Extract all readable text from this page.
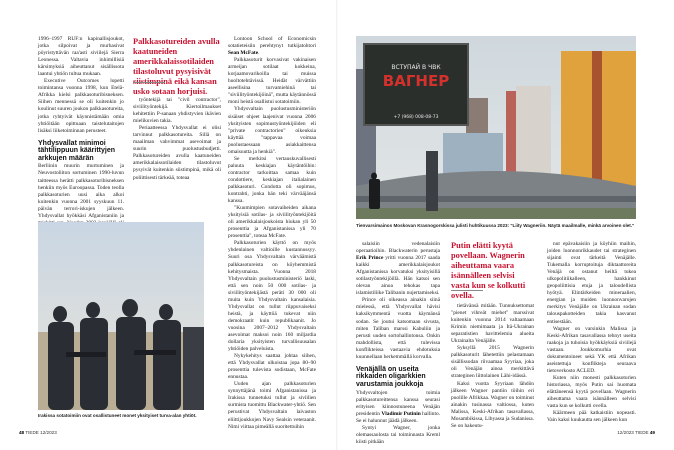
1996–1997 RUF:n kapinallisjoukot, jotka silpoivat ja murhasivat pöyristyttävän raa'asti siviilejä Sierra Leonessa. Valtavia inhimillisiä kärsimyksiä aiheuttanut sisällissota laantui yhtiön tultua mukaan.

Executive Outcomes lopetti toimintansa vuonna 1998, kun Etelä-Afrikka kielsi palkkasoturibisneksen. Siihen mennessä se oli kuitenkin jo koulinut suuren joukon palkkasotureita, jotka ryhtyivät käynnistämään omia yhtiöitään opittuaan taistelutaitojen lisäksi liiketoiminnan perusteet.

Yhdysvallat minimoi tähtilippuun käärittyjen arkkujen määrän

Berliinin muurin murtuminen ja Neuvostoliiton sortuminen 1990-luvun taitteessa herätti palkkasoturibisneksen henkiin myös Euroopassa. Toden teolla palkkasoturien uusi aika alkoi kuitenkin vuonna 2001 syyskuun 11. päivän terrori-iskujen jälkeen. Yhdysvallat hyökkäsi Afganistaniin ja

Palkkasotureiden avulla kaatuneiden amerikkalaissotilaiden tilastoluvut pysyisivät siistimpinä eikä kansan usko sotaan horjuisi.

työntekijä tai "civil contractor", siviilityöntekijä. Kiertoilmaukset kehitettiin P-sanaan yhdistyvien ikävien mielikuvien takia.

Periaatteessa Yhdysvallat ei olisi tarvinnut palkkasotureita. Sillä on maailman vahvimmat asevoimat ja suurin puolustusbudjetti. Palkkasotureiden avulla kaatuneiden amerikkalaissotilaiden tilastoluvut pysyivät kuitenkin siistimpinä, mikä oli poliittisesti tärkeää, toteaa

Lontoon School of Economicsin sotatieteisiin perehtynyt tutkijatohtori Sean McFate.

Palkkasoturit korvasivat vakinaisen armeijan sotilaat kokkeina, korjaamovarikoilla tai muissa huoltotehtävissä. Heidät värvättiin aseellisina turvamiehinä tai "siviilityöntekijöinä", mutta käytännössä moni heistä osallistui sotatoimiin.

Yhdysvaltain puolustusministeriön sisäiset ohjeet laajenivat vuonna 2006 yksityisten sopimustyöntekijöiden eli "private contractorien" oikeuksia käyttää "tappavaa voimaa puolustaessaan asiakkaittensa omaisuutta ja henkiä".

Se merkitsi vertauskuvallisesti paluuta keskiajan käytäntöihin: contractor tarkoittaa samaa kuin condottiere, keskiajan italialainen palkkasoturi. Condotta oli sopimus, kontrahti, jonka hän teki värvääjänsä kanssa.

"Kuumimpien sotavaiheiden aikana yksityisiä sotilas- ja siviilityöntekijöitä oli amerikkalaisjoukoista hiukan yli 50 prosenttia ja Afganistanissa yli 70 prosenttia", toteaa McFate.

Palkkasoturien käyttö on myös yhdenlainen valtioille kustannussyy. Suuri osa Yhdysvaltain värväämistä palkkasotureista on köyhemmistä kehitysmaista. Vuonna 2018 Yhdysvaltain puolustusministeriö laski, että sen noin 50 000 sotilas- ja siviilityöntekijästä peräti 30 000 oli muita kuin Yhdysvaltain kansalaisia. Yhdysvallat on tullut riippuvaiseksi heistä, ja käyttöä tukevat niin demokraatit kuin republikaanit. Jo vuosina 2007–2012 Yhdysvaltain asevoimat maksoi noin 160 miljardia dollaria yksityisten turvallisuusalan yhtiöiden palveluista.

Nykykehitys saattaa johtaa siihen, että Yhdysvallat ulkoistaa jopa 80–90 prosenttia tulevista sodistaan, McFate ennustaa.

Uuden ajan palkkasoturien synnyttäjänä toimi Afganistanissa ja Irakissa tunnetuksi tullut ja siviilien surmista tuomittu Blackwater-yhtiö. Sen perustivat Yhdysvaltain laivaston eliittijoukkojen Navy Sealsin veteraanit. Nimi viittaa pimeällä suoritettuihin

Irakissa sotatoimiin ovat osallistuneet monet yksityiset turva-alan yhtiöt.
48 TIEDE 12/2023
ВСТУПАЙ В ЧВК
ВАГНЕР
+7 (968) 008-08-73
Tienvarsimainos Moskovan Krasnogorskissa julisti huhtikuussa 2023: "Liity Wagneriin. Näytä maailmalle, minkä arvoinen olet."

salaisiin vedenalaisiin operaatioihin. Blackwaterin perustaja Erik Prince yritti vuonna 2017 saada kaikki amerikkalaisjoukot Afganistanissa korvatuksi yksityisillä sotilastyöntekijöillä. Hän katsoi sen olevan ainoa tehokas tapa islamistiliike Talibanin nujertamiseksi.

Prince oli oikeassa ainakin siinä mielessä, että Yhdysvallat hävisi kaksikymmentä vuotta käymänsä sodan. Se joutui katsomaan sivusta, miten Taliban marssi Kabuliin ja perusti uuden sortohallintonsa. Onkin mahdollista, että tulevissa konflikteissa vastaavia ehdotuksia kuunnellaan herkemmällä korvalla.

Venäjällä on useita rikkaiden oligarkkien varustamia joukkoja

Yhdysvaltojen toimia palkkasotureittensa kanssa seurasi erityisen kiinnostuneena Venäjän presidentin Vladimir Putinin hallinto. Se ei halunnut jäädä jälkeen.

Syntyi Wagner, jonka olemassaolosta tai toiminnasta Kreml kiisti pitkään

Putin elätti kyytä povellaan. Wagnerin aiheuttama vaara isännälleen selvisi vasta kun se kolkutti ovella.

tietävänsä mitään. Tunnuksettomat "pienet vihreät miehet" marssivat kuitenkin vuonna 2014 valtaamaan Krimin niemimaata ja Itä-Ukrainan separatistien havittelemia alueita Ukrainalta Venäjälle.

Syksyllä 2015 Wagnerin palkkasoturit lähetettiin pelastamaan sisällissodan riivaamaa Syyriaa, joka oli Venäjän ainoa merkittävä strateginen liittolainen Lähi-idässä.

Kaksi vuotta Syyriaan lähdön jälkeen Wagner pantiin töihin eri puolille Afrikkaa. Wagner on toiminut ainakin tusinassa valtiossa, kuten Malissa, Keski-Afrikan tasavallassa, Mosambikissa, Libyassa ja Sudanissa. Se on hakeutu-

nut epävakaisiin ja köyhiin maihin, joiden luonnonrikkaudet tai strateginen sijainti ovat tärkeitä Venäjälle. Tukemalla korruptoituja diktaattoreita Venäjä on ostanut heiltä tukea ulkopolitiikalleen, hankkinut geopoliittisia etuja ja taloudellista hyötyä. Elintärkeiden mineraalien, energian ja muiden luonnonvarojen merkitys Venäjälle on Ukrainan sodan talouspakotteiden takia kasvanut entisestään.

Wagner on varsinkin Malissa ja Keski-Afrikan tasavallassa tehnyt useita raakoja ja tuhoisia hyökkäyksiä siviilejä vastaan. Joukkomurhia ovat dokumentoineet sekä YK että Afrikan aseistettuja konflikteja seuraava tietoverkosto ACLED.

Kuten niin monesti palkkasoturien historiassa, myös Putin sai huomata elättäneensä kyytä povellaan. Wagnerin aiheuttama vaara isännälleen selvisi vasta kun se kolkutti ovella.

Käärmeen pää katkaistiin nopeasti. Vain kaksi kuukautta sen jälkeen kun

12/2023 TIEDE 49
